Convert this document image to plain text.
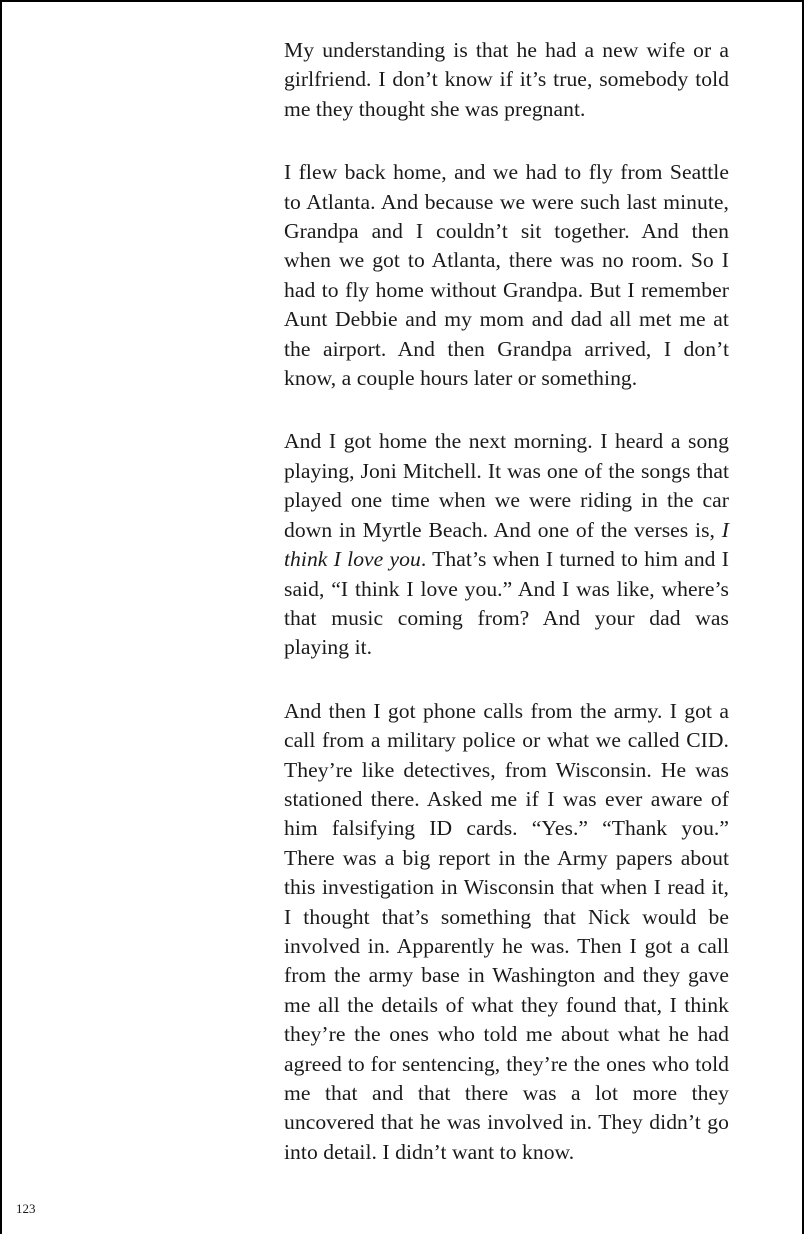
My understanding is that he had a new wife or a girlfriend. I don’t know if it’s true, somebody told me they thought she was pregnant.

I flew back home, and we had to fly from Seattle to Atlanta. And because we were such last minute, Grandpa and I couldn’t sit together. And then when we got to Atlanta, there was no room. So I had to fly home without Grandpa. But I remember Aunt Debbie and my mom and dad all met me at the airport. And then Grandpa arrived, I don’t know, a couple hours later or something.

And I got home the next morning. I heard a song playing, Joni Mitchell. It was one of the songs that played one time when we were riding in the car down in Myrtle Beach. And one of the verses is, I think I love you. That’s when I turned to him and I said, “I think I love you.” And I was like, where’s that music coming from? And your dad was playing it.

And then I got phone calls from the army. I got a call from a military police or what we called CID. They’re like detectives, from Wisconsin. He was stationed there. Asked me if I was ever aware of him falsifying ID cards. “Yes.” “Thank you.” There was a big report in the Army papers about this investigation in Wisconsin that when I read it, I thought that’s something that Nick would be involved in. Apparently he was. Then I got a call from the army base in Washington and they gave me all the details of what they found that, I think they’re the ones who told me about what he had agreed to for sentencing, they’re the ones who told me that and that there was a lot more they uncovered that he was involved in. They didn’t go into detail. I didn’t want to know.

123
